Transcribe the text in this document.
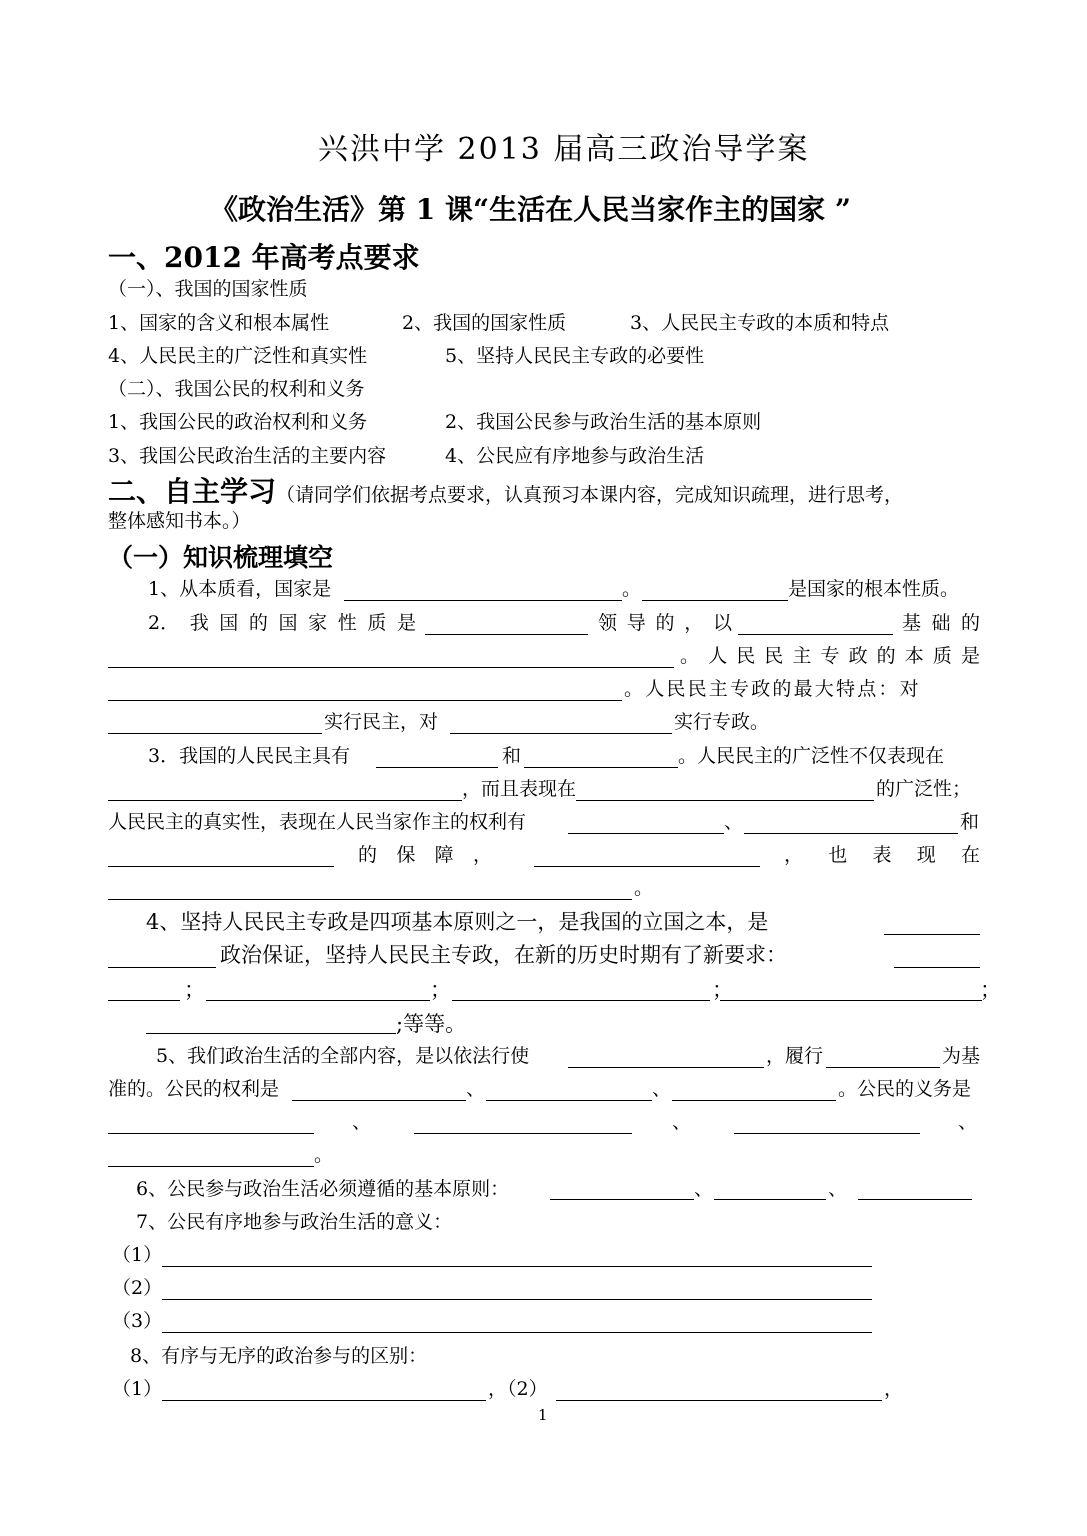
兴洪中学 2013 届高三政治导学案
《政治生活》第 1 课“生活在人民当家作主的国家 ”
一、2012 年高考点要求
（一）、我国的国家性质
1、国家的含义和根本属性	2、我国的国家性质	3、人民民主专政的本质和特点
4、人民民主的广泛性和真实性	5、坚持人民民主专政的必要性
（二）、我国公民的权利和义务
1、我国公民的政治权利和义务	2、我国公民参与政治生活的基本原则
3、我国公民政治生活的主要内容	4、公民应有序地参与政治生活
二、自主学习（请同学们依据考点要求，认真预习本课内容，完成知识疏理，进行思考，
整体感知书本。）
（一）知识梳理填空
1、从本质看，国家是	。	是国家的根本性质。
2． 我 国 的 国 家 性 质 是	领 导 的 ， 以	基 础 的
。 人 民 民 主 专 政 的 本 质 是
。人民民主专政的最大特点：对
实行民主，对	实行专政。
3．我国的人民民主具有	和	。人民民主的广泛性不仅表现在
，而且表现在	的广泛性；
人民民主的真实性，表现在人民当家作主的权利有	、	和
的 保 障 ，	， 也 表 现 在
。
4、坚持人民民主专政是四项基本原则之一，是我国的立国之本，是
政治保证，坚持人民民主专政，在新的历史时期有了新要求：
；	；	；	；
;等等。
5、我们政治生活的全部内容，是以依法行使	，履行	为基
准的。公民的权利是	、	、	。公民的义务是
、	、	、
。
6、公民参与政治生活必须遵循的基本原则：	、	、
7、公民有序地参与政治生活的意义：
（1）
（2）
（3）
8、有序与无序的政治参与的区别：
（1）	，（2）	，
1
